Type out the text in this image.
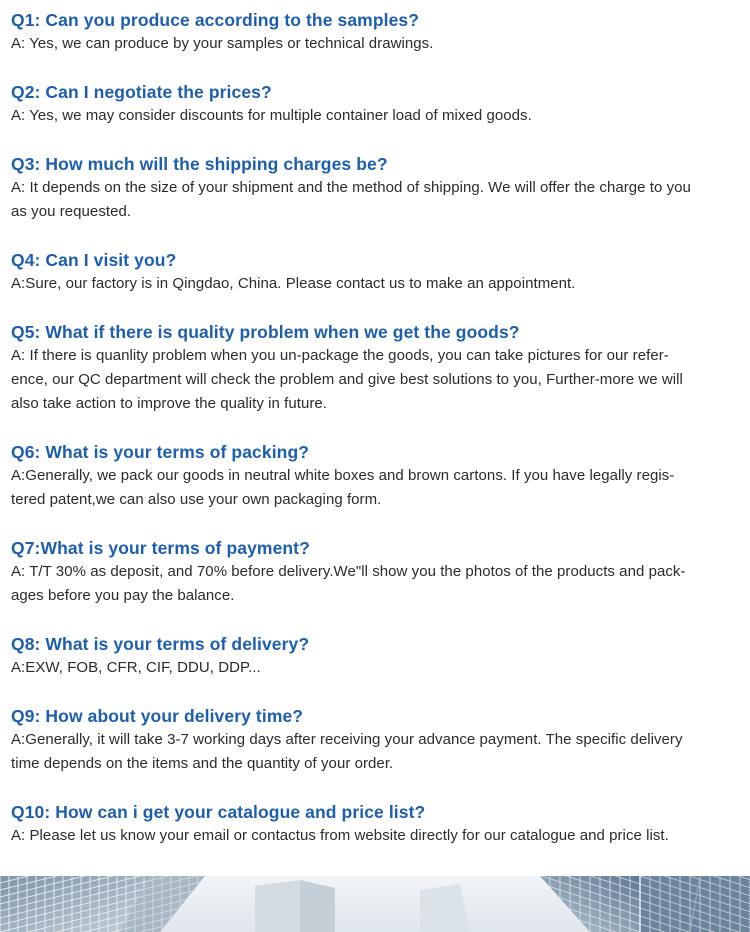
Q1: Can you produce according to the samples?

A: Yes, we can produce by your samples or technical drawings.

Q2: Can I negotiate the prices?

A: Yes, we may consider discounts for multiple container load of mixed goods.

Q3: How much will the shipping charges be?

A: It depends on the size of your shipment and the method of shipping. We will offer the charge to you
as you requested.

Q4: Can I visit you?

A:Sure, our factory is in Qingdao, China. Please contact us to make an appointment.

Q5: What if there is quality problem when we get the goods?

A: If there is quanlity problem when you un-package the goods, you can take pictures for our refer-
ence, our QC department will check the problem and give best solutions to you, Further-more we will
also take action to improve the quality in future.

Q6: What is your terms of packing?

A:Generally, we pack our goods in neutral white boxes and brown cartons. If you have legally regis-
tered patent,we can also use your own packaging form.

Q7:What is your terms of payment?

A: T/T 30% as deposit, and 70% before delivery.We"ll show you the photos of the products and pack-
ages before you pay the balance.

Q8: What is your terms of delivery?

A:EXW, FOB, CFR, CIF, DDU, DDP...

Q9: How about your delivery time?

A:Generally, it will take 3-7 working days after receiving your advance payment. The specific delivery
time depends on the items and the quantity of your order.

Q10: How can i get your catalogue and price list?

A: Please let us know your email or contactus from website directly for our catalogue and price list.
